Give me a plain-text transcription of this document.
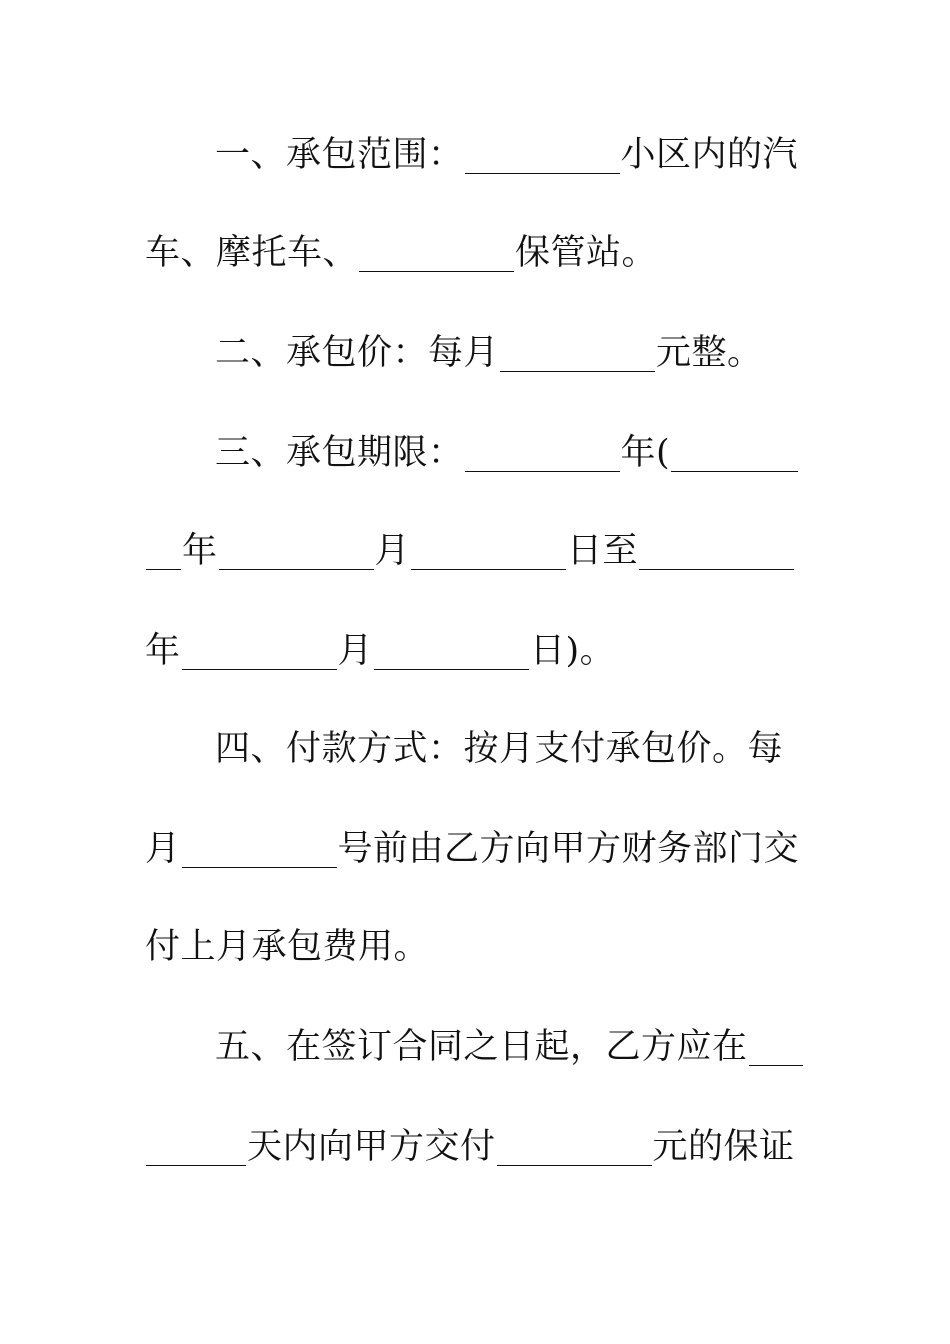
一、承包范围：	小区内的汽
车、摩托车、	保管站。
二、承包价：每月	元整。
三、承包期限：	年(
年	月	日至
年	月	日)。
四、付款方式：按月支付承包价。每
月	号前由乙方向甲方财务部门交
付上月承包费用。
五、在签订合同之日起，乙方应在
天内向甲方交付	元的保证
